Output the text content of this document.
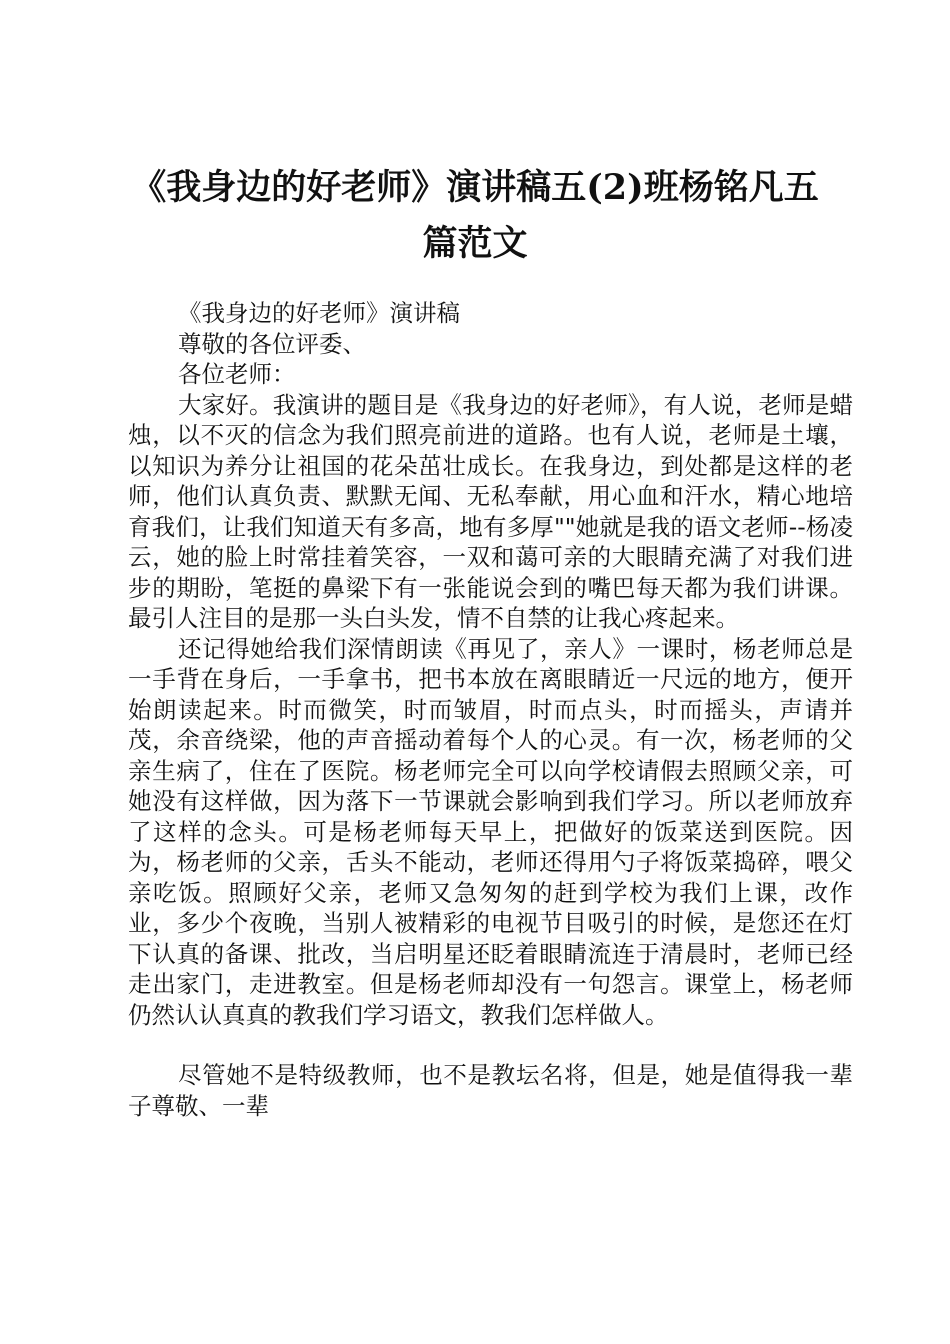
《我身边的好老师》演讲稿五(2)班杨铭凡五
篇范文

《我身边的好老师》演讲稿

尊敬的各位评委、

各位老师：

大家好。我演讲的题目是《我身边的好老师》，有人说，老师是蜡烛，以不灭的信念为我们照亮前进的道路。也有人说，老师是土壤，以知识为养分让祖国的花朵茁壮成长。在我身边，到处都是这样的老师，他们认真负责、默默无闻、无私奉献，用心血和汗水，精心地培育我们，让我们知道天有多高，地有多厚""她就是我的语文老师--杨凌云，她的脸上时常挂着笑容，一双和蔼可亲的大眼睛充满了对我们进步的期盼，笔挺的鼻梁下有一张能说会到的嘴巴每天都为我们讲课。最引人注目的是那一头白头发，情不自禁的让我心疼起来。

还记得她给我们深情朗读《再见了，亲人》一课时，杨老师总是一手背在身后，一手拿书，把书本放在离眼睛近一尺远的地方，便开始朗读起来。时而微笑，时而皱眉，时而点头，时而摇头，声请并茂，余音绕梁，他的声音摇动着每个人的心灵。有一次，杨老师的父亲生病了，住在了医院。杨老师完全可以向学校请假去照顾父亲，可她没有这样做，因为落下一节课就会影响到我们学习。所以老师放弃了这样的念头。可是杨老师每天早上，把做好的饭菜送到医院。因为，杨老师的父亲，舌头不能动，老师还得用勺子将饭菜捣碎，喂父亲吃饭。照顾好父亲，老师又急匆匆的赶到学校为我们上课，改作业，多少个夜晚，当别人被精彩的电视节目吸引的时候，是您还在灯下认真的备课、批改，当启明星还眨着眼睛流连于清晨时，老师已经走出家门，走进教室。但是杨老师却没有一句怨言。课堂上，杨老师仍然认认真真的教我们学习语文，教我们怎样做人。

尽管她不是特级教师，也不是教坛名将，但是，她是值得我一辈子尊敬、一辈
